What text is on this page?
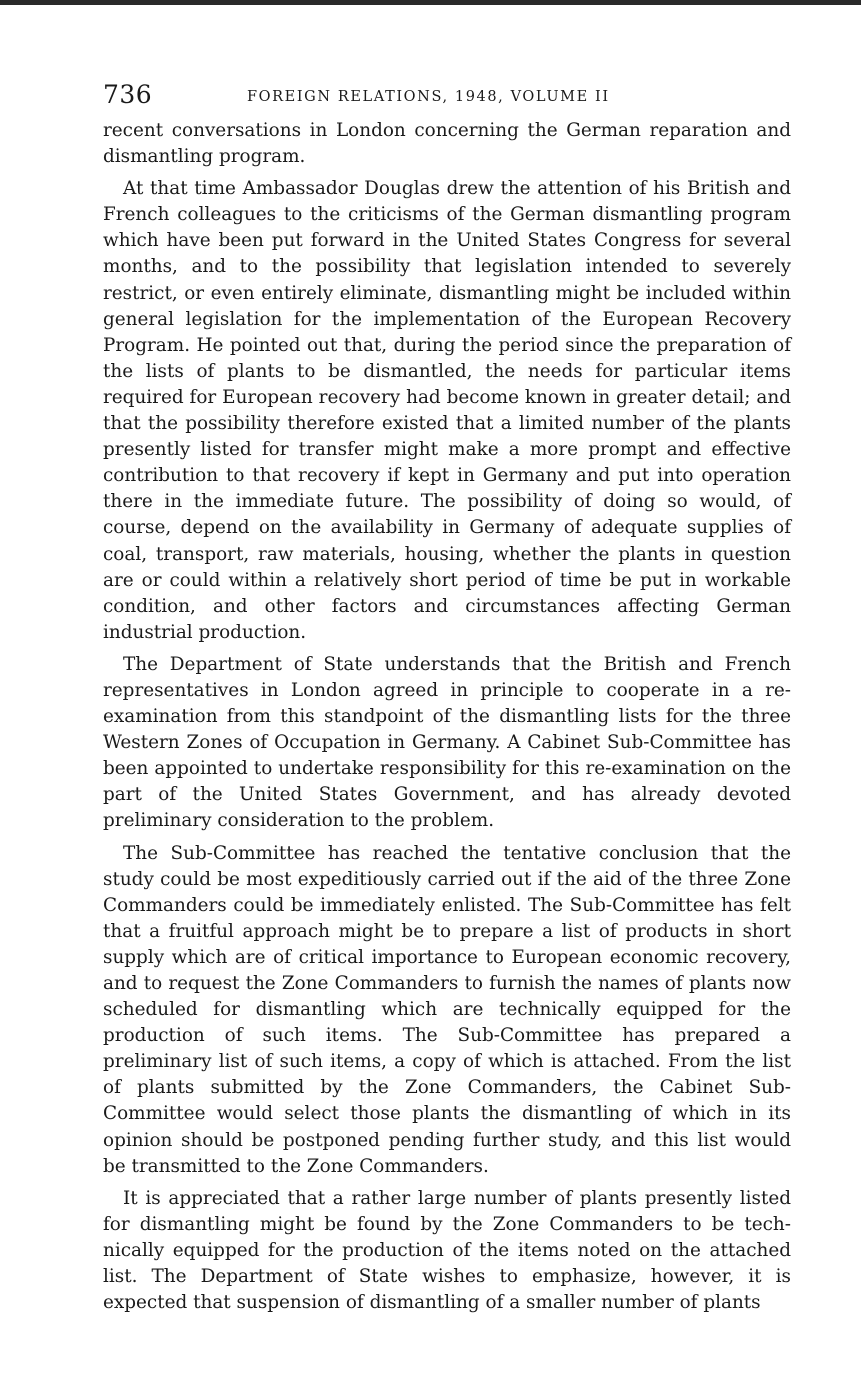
736	FOREIGN RELATIONS, 1948, VOLUME II

recent conversations in London concerning the German reparation and dismantling program.

At that time Ambassador Douglas drew the attention of his British and French colleagues to the criticisms of the German dismantling program which have been put forward in the United States Congress for several months, and to the possibility that legislation intended to severely restrict, or even entirely eliminate, dismantling might be included within general legislation for the implementation of the European Recovery Program. He pointed out that, during the period since the preparation of the lists of plants to be dismantled, the needs for particular items required for European recovery had become known in greater detail; and that the possibility therefore existed that a limited number of the plants presently listed for transfer might make a more prompt and effective contribution to that recovery if kept in Germany and put into operation there in the immediate future. The possibility of doing so would, of course, depend on the availability in Germany of adequate supplies of coal, transport, raw materials, housing, whether the plants in question are or could within a relatively short period of time be put in workable condition, and other factors and circumstances affecting German industrial production.

The Department of State understands that the British and French representatives in London agreed in principle to cooperate in a reexamination from this standpoint of the dismantling lists for the three Western Zones of Occupation in Germany. A Cabinet Sub-Committee has been appointed to undertake responsibility for this re-examination on the part of the United States Government, and has already devoted preliminary consideration to the problem.

The Sub-Committee has reached the tentative conclusion that the study could be most expeditiously carried out if the aid of the three Zone Commanders could be immediately enlisted. The Sub-Committee has felt that a fruitful approach might be to prepare a list of products in short supply which are of critical importance to European economic recovery, and to request the Zone Commanders to furnish the names of plants now scheduled for dismantling which are technically equipped for the production of such items. The Sub-Committee has prepared a preliminary list of such items, a copy of which is attached. From the list of plants submitted by the Zone Commanders, the Cabinet Sub-Committee would select those plants the dismantling of which in its opinion should be postponed pending further study, and this list would be transmitted to the Zone Commanders.

It is appreciated that a rather large number of plants presently listed for dismantling might be found by the Zone Commanders to be technically equipped for the production of the items noted on the attached list. The Department of State wishes to emphasize, however, it is expected that suspension of dismantling of a smaller number of plants
